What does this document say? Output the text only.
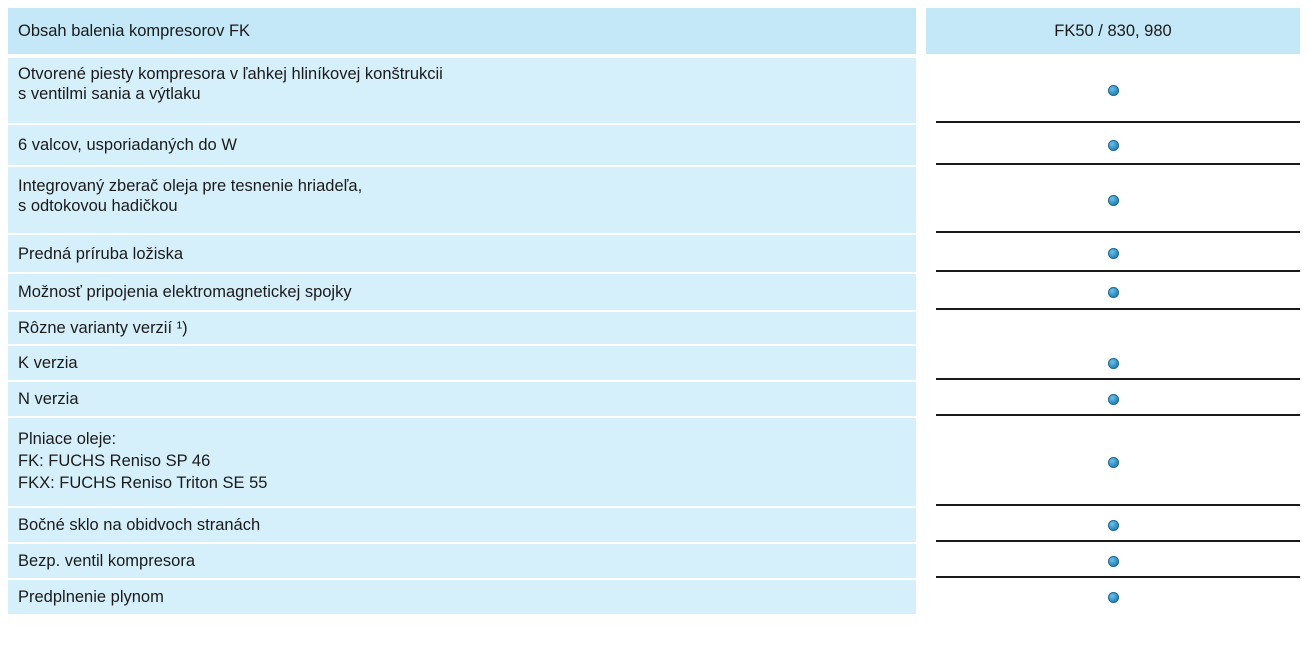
Obsah balenia kompresorov FK	FK50 / 830, 980
Otvorené piesty kompresora v ľahkej hliníkovej konštrukcii
s ventilmi sania a výtlaku
6 valcov, usporiadaných do W
Integrovaný zberač oleja pre tesnenie hriadeľa,
s odtokovou hadičkou
Predná príruba ložiska
Možnosť pripojenia elektromagnetickej spojky
Rôzne varianty verzií ¹)
K verzia
N verzia
Plniace oleje:
FK: FUCHS Reniso SP 46
FKX: FUCHS Reniso Triton SE 55
Bočné sklo na obidvoch stranách
Bezp. ventil kompresora
Predplnenie plynom
